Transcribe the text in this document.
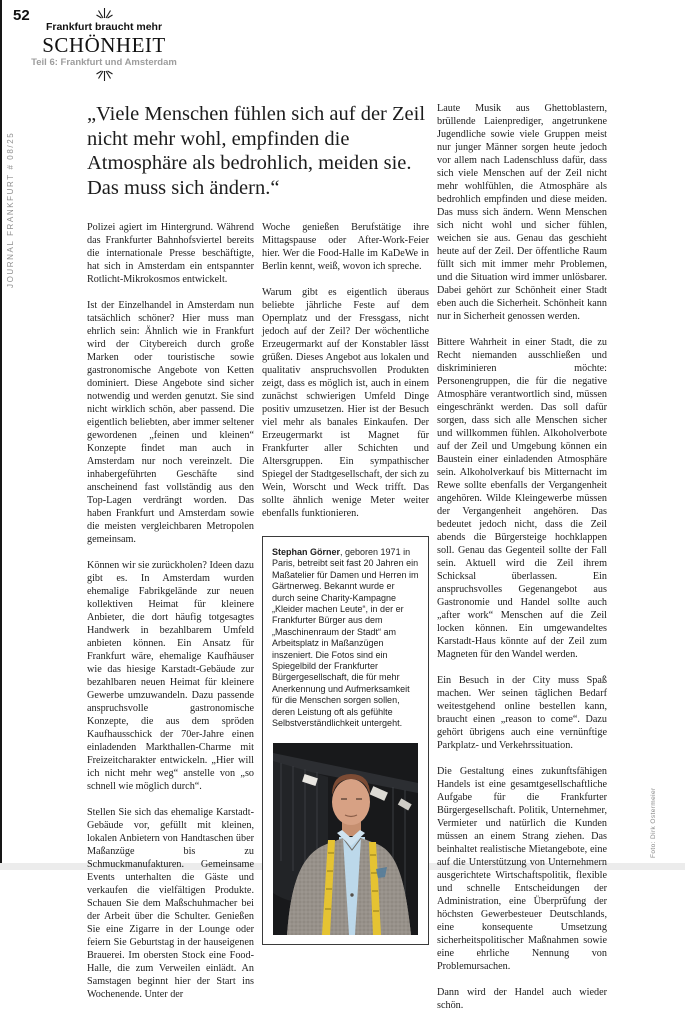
52
JOURNAL FRANKFURT # 08/25
Frankfurt braucht mehr
SCHÖNHEIT
Teil 6: Frankfurt und Amsterdam
„Viele Menschen fühlen sich auf der Zeil nicht mehr wohl, empfinden die Atmosphäre als bedrohlich, meiden sie. Das muss sich ändern.“

Polizei agiert im Hintergrund. Während das Frankfurter Bahnhofsviertel bereits die internationale Presse beschäftigte, hat sich in Amsterdam ein entspannter Rotlicht-Mikrokosmos entwickelt.

Ist der Einzelhandel in Amsterdam nun tatsächlich schöner? Hier muss man ehrlich sein: Ähnlich wie in Frankfurt wird der Citybereich durch große Marken oder touristische sowie gastronomische Angebote von Ketten dominiert. Diese Angebote sind sicher notwendig und werden genutzt. Sie sind nicht wirklich schön, aber passend. Die eigentlich beliebten, aber immer seltener gewordenen „feinen und kleinen“ Konzepte findet man auch in Amsterdam nur noch vereinzelt. Die inhabergeführten Geschäfte sind anscheinend fast vollständig aus den Top-Lagen verdrängt worden. Das haben Frankfurt und Amsterdam sowie die meisten vergleichbaren Metropolen gemeinsam.

Können wir sie zurückholen? Ideen dazu gibt es. In Amsterdam wurden ehemalige Fabrikgelände zur neuen kollektiven Heimat für kleinere Anbieter, die dort häufig totgesagtes Handwerk in bezahlbarem Umfeld anbieten können. Ein Ansatz für Frankfurt wäre, ehemalige Kaufhäuser wie das hiesige Karstadt-Gebäude zur bezahlbaren neuen Heimat für kleinere Gewerbe umzuwandeln. Dazu passende anspruchsvolle gastronomische Konzepte, die aus dem spröden Kaufhausschick der 70er-Jahre einen einladenden Markthallen-Charme mit Freizeitcharakter entwickeln. „Hier will ich nicht mehr weg“ anstelle von „so schnell wie möglich durch“.

Stellen Sie sich das ehemalige Karstadt-Gebäude vor, gefüllt mit kleinen, lokalen Anbietern von Handtaschen über Maßanzüge bis zu Schmuckmanufakturen. Gemeinsame Events unterhalten die Gäste und verkaufen die vielfältigen Produkte. Schauen Sie dem Maßschuhmacher bei der Arbeit über die Schulter. Genießen Sie eine Zigarre in der Lounge oder feiern Sie Geburtstag in der hauseigenen Brauerei. Im obersten Stock eine Food-Halle, die zum Verweilen einlädt. An Samstagen beginnt hier der Start ins Wochenende. Unter der

Woche genießen Berufstätige ihre Mittagspause oder After-Work-Feier hier. Wer die Food-Halle im KaDeWe in Berlin kennt, weiß, wovon ich spreche.

Warum gibt es eigentlich überaus beliebte jährliche Feste auf dem Opernplatz und der Fressgass, nicht jedoch auf der Zeil? Der wöchentliche Erzeugermarkt auf der Konstabler lässt grüßen. Dieses Angebot aus lokalen und qualitativ anspruchsvollen Produkten zeigt, dass es möglich ist, auch in einem zunächst schwierigen Umfeld Dinge positiv umzusetzen. Hier ist der Besuch viel mehr als banales Einkaufen. Der Erzeugermarkt ist Magnet für Frankfurter aller Schichten und Altersgruppen. Ein sympathischer Spiegel der Stadtgesellschaft, der sich zu Wein, Worscht und Weck trifft. Das sollte ähnlich wenige Meter weiter ebenfalls funktionieren.

Stephan Görner, geboren 1971 in Paris, betreibt seit fast 20 Jahren ein Maßatelier für Damen und Herren im Gärtnerweg. Bekannt wurde er durch seine Charity-Kampagne „Kleider machen Leute“, in der er Frankfurter Bürger aus dem „Maschinenraum der Stadt“ am Arbeitsplatz in Maßanzügen inszeniert. Die Fotos sind ein Spiegelbild der Frankfurter Bürgergesellschaft, die für mehr Anerkennung und Aufmerksamkeit für die Menschen sorgen sollen, deren Leistung oft als gefühlte Selbstverständlichkeit untergeht.

Laute Musik aus Ghettoblastern, brüllende Laienprediger, angetrunkene Jugendliche sowie viele Gruppen meist nur junger Männer sorgen heute jedoch vor allem nach Ladenschluss dafür, dass sich viele Menschen auf der Zeil nicht mehr wohlfühlen, die Atmosphäre als bedrohlich empfinden und diese meiden. Das muss sich ändern. Wenn Menschen sich nicht wohl und sicher fühlen, weichen sie aus. Genau das geschieht heute auf der Zeil. Der öffentliche Raum füllt sich mit immer mehr Problemen, und die Situation wird immer unlösbarer. Dabei gehört zur Schönheit einer Stadt eben auch die Sicherheit. Schönheit kann nur in Sicherheit genossen werden.

Bittere Wahrheit in einer Stadt, die zu Recht niemanden ausschließen und diskriminieren möchte: Personengruppen, die für die negative Atmosphäre verantwortlich sind, müssen eingeschränkt werden. Das soll dafür sorgen, dass sich alle Menschen sicher und willkommen fühlen. Alkoholverbote auf der Zeil und Umgebung können ein Baustein einer einladenden Atmosphäre sein. Alkoholverkauf bis Mitternacht im Rewe sollte ebenfalls der Vergangenheit angehören. Wilde Kleingewerbe müssen der Vergangenheit angehören. Das bedeutet jedoch nicht, dass die Zeil abends die Bürgersteige hochklappen soll. Genau das Gegenteil sollte der Fall sein. Aktuell wird die Zeil ihrem Schicksal überlassen. Ein anspruchsvolles Gegenangebot aus Gastronomie und Handel sollte auch „after work“ Menschen auf die Zeil locken können. Ein umgewandeltes Karstadt-Haus könnte auf der Zeil zum Magneten für den Wandel werden.

Ein Besuch in der City muss Spaß machen. Wer seinen täglichen Bedarf weitestgehend online bestellen kann, braucht einen „reason to come“. Dazu gehört übrigens auch eine vernünftige Parkplatz- und Verkehrssituation.

Die Gestaltung eines zukunftsfähigen Handels ist eine gesamtgesellschaftliche Aufgabe für die Frankfurter Bürgergesellschaft. Politik, Unternehmer, Vermieter und natürlich die Kunden müssen an einem Strang ziehen. Das beinhaltet realistische Mietangebote, eine auf die Unterstützung von Unternehmern ausgerichtete Wirtschaftspolitik, flexible und schnelle Entscheidungen der Administration, eine Überprüfung der höchsten Gewerbesteuer Deutschlands, eine konsequente Umsetzung sicherheitspolitischer Maßnahmen sowie eine ehrliche Nennung von Problemursachen.

Dann wird der Handel auch wieder schön.

Foto: Dirk Ostermeier
